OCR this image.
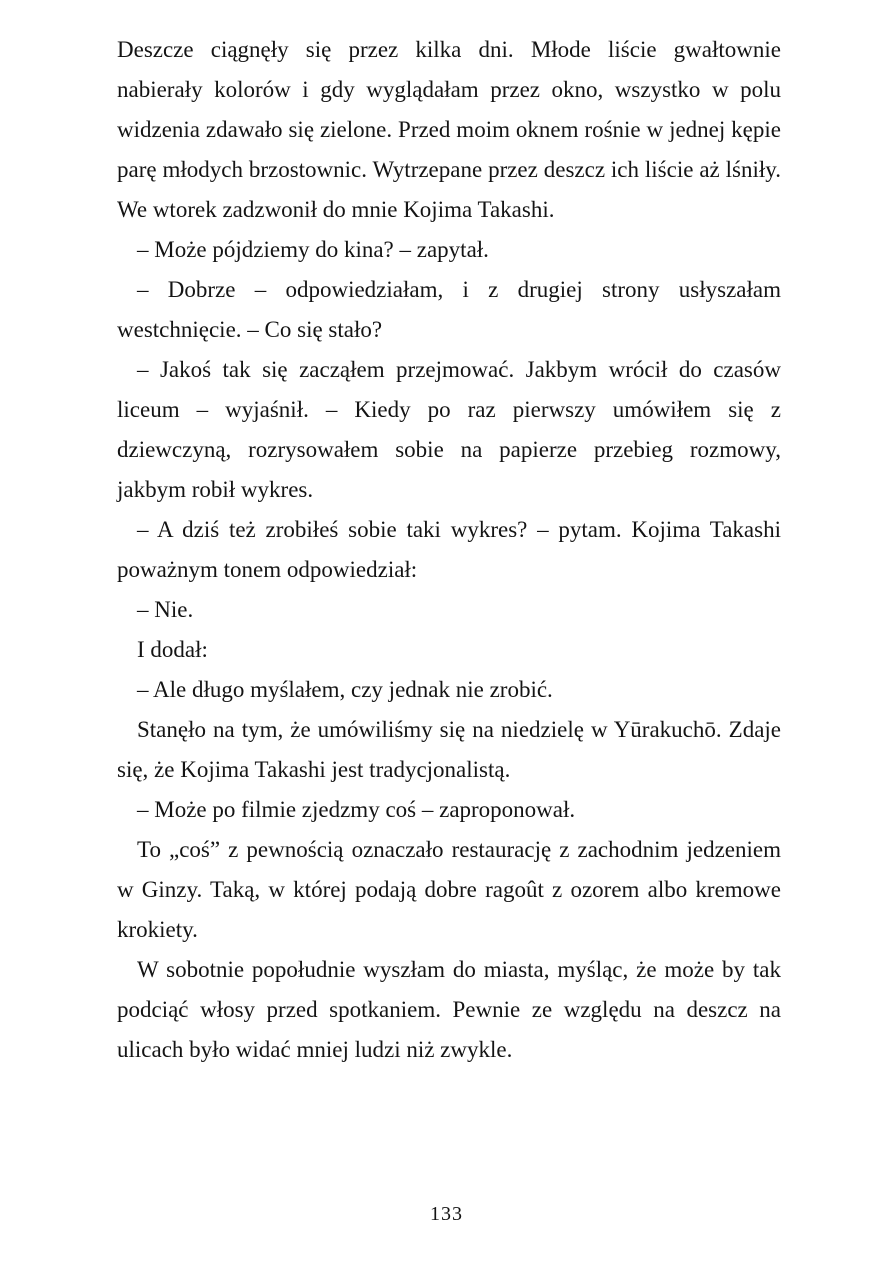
Deszcze ciągnęły się przez kilka dni. Młode liście gwałtownie nabierały kolorów i gdy wyglądałam przez okno, wszystko w polu widzenia zdawało się zielone. Przed moim oknem rośnie w jednej kępie parę młodych brzostownic. Wytrzepane przez deszcz ich liście aż lśniły. We wtorek zadzwonił do mnie Kojima Takashi.

– Może pójdziemy do kina? – zapytał.

– Dobrze – odpowiedziałam, i z drugiej strony usłyszałam westchnięcie. – Co się stało?

– Jakoś tak się zacząłem przejmować. Jakbym wrócił do czasów liceum – wyjaśnił. – Kiedy po raz pierwszy umówiłem się z dziewczyną, rozrysowałem sobie na papierze przebieg rozmowy, jakbym robił wykres.

– A dziś też zrobiłeś sobie taki wykres? – pytam. Kojima Takashi poważnym tonem odpowiedział:

– Nie.

I dodał:

– Ale długo myślałem, czy jednak nie zrobić.

Stanęło na tym, że umówiliśmy się na niedzielę w Yūrakuchō. Zdaje się, że Kojima Takashi jest tradycjonalistą.

– Może po filmie zjedzmy coś – zaproponował.

To „coś” z pewnością oznaczało restaurację z zachodnim jedzeniem w Ginzy. Taką, w której podają dobre ragoût z ozorem albo kremowe krokiety.

W sobotnie popołudnie wyszłam do miasta, myśląc, że może by tak podciąć włosy przed spotkaniem. Pewnie ze względu na deszcz na ulicach było widać mniej ludzi niż zwykle.

133
